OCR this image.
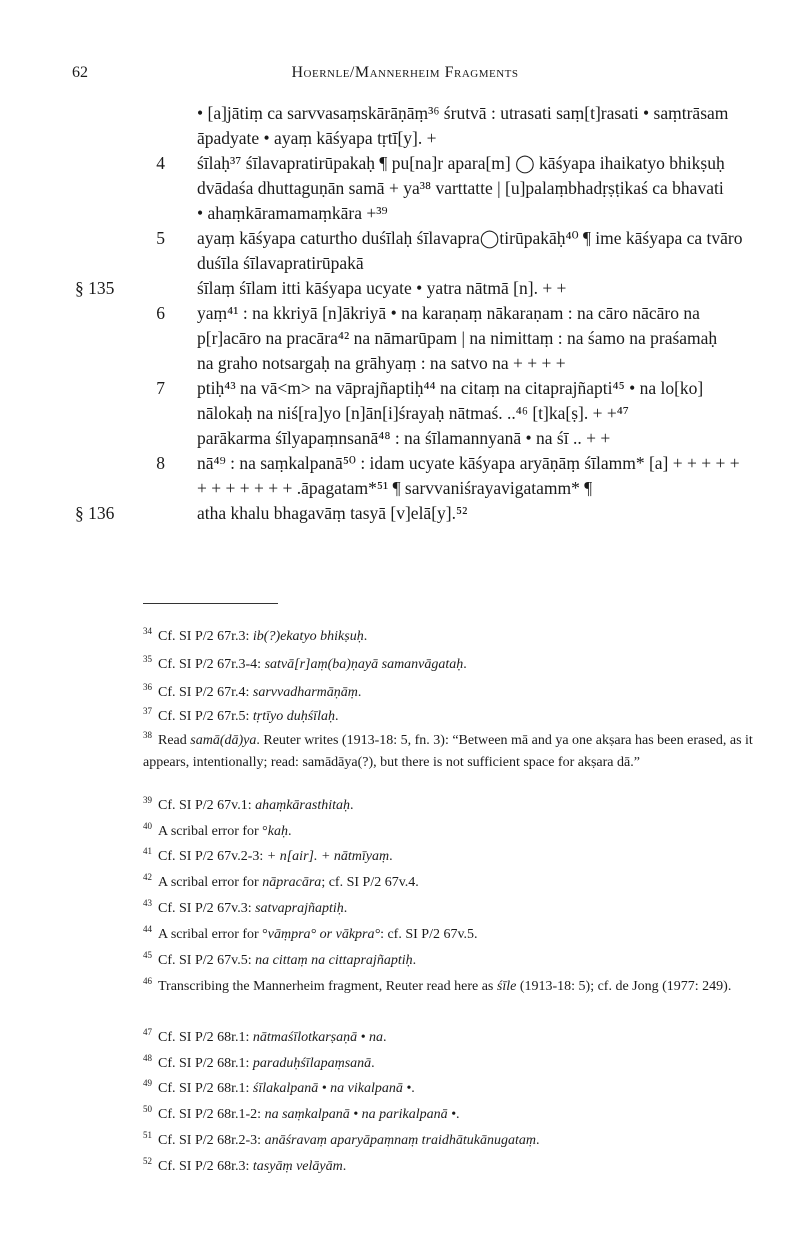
62	Hoernle/Mannerheim Fragments
• [a]jātiṃ ca sarvvasaṃskārāṇāṃ³⁶ śrutvā : utrasati saṃ[t]rasati • saṃtrāsam
āpadyate • ayaṃ kāśyapa tṛtī[y]. +
śīlaḥ³⁷ śīlavapratirūpakaḥ ¶ pu[na]r apara[m] ◯ kāśyapa ihaikatyo bhikṣuḥ
4
dvādaśa dhuttaguṇān samā + ya³⁸ varttatte | [u]palaṃbhadṛṣṭikaś ca bhavati
• ahaṃkāramamaṃkāra +³⁹
ayaṃ kāśyapa caturtho duśīlaḥ śīlavapra◯tirūpakāḥ⁴⁰ ¶ ime kāśyapa ca tvāro
5
duśīla śīlavapratirūpakā
śīlaṃ śīlam itti kāśyapa ucyate • yatra nātmā [n]. + +
yaṃ⁴¹ : na kkriyā [n]ākriyā • na karaṇaṃ nākaraṇam : na cāro nācāro na
6
p[r]acāro na pracāra⁴² na nāmarūpam | na nimittaṃ : na śamo na praśamaḥ
na graho notsargaḥ na grāhyaṃ : na satvo na + + + +
ptiḥ⁴³ na vā<m> na vāprajñaptiḥ⁴⁴ na citaṃ na citaprajñapti⁴⁵ • na lo[ko]
7
nālokaḥ na niś[ra]yo [n]ān[i]śrayaḥ nātmaś. ..⁴⁶ [t]ka[ṣ]. + +⁴⁷
parākarma śīlyapaṃnsanā⁴⁸ : na śīlamannyanā • na śī .. + +
nā⁴⁹ : na saṃkalpanā⁵⁰ : idam ucyate kāśyapa aryāṇāṃ śīlamm* [a] + + + + +
8
+ + + + + + + .āpagatam*⁵¹ ¶ sarvvaniśrayavigatamm* ¶
atha khalu bhagavāṃ tasyā [v]elā[y].⁵²
§ 135
§ 136
$^{34}$ Cf. SI P/2 67r.3: ib(?)ekatyo bhikṣuḥ.
$^{35}$ Cf. SI P/2 67r.3-4: satvā[r]aṃ(ba)ṇayā samanvāgataḥ.
$^{36}$ Cf. SI P/2 67r.4: sarvvadharmāṇāṃ.
$^{37}$ Cf. SI P/2 67r.5: tṛtīyo duḥśīlaḥ.
$^{38}$ Read samā(dā)ya. Reuter writes (1913-18: 5, fn. 3): “Between mā and ya one akṣara has been erased, as it appears, intentionally; read: samādāya(?), but there is not sufficient space for akṣara dā.”
$^{39}$ Cf. SI P/2 67v.1: ahaṃkārasthitaḥ.
$^{40}$ A scribal error for °kaḥ.
$^{41}$ Cf. SI P/2 67v.2-3: + n[air]. + nātmīyaṃ.
$^{42}$ A scribal error for nāpracāra; cf. SI P/2 67v.4.
$^{43}$ Cf. SI P/2 67v.3: satvaprajñaptiḥ.
$^{44}$ A scribal error for °vāṃpra° or vākpra°: cf. SI P/2 67v.5.
$^{45}$ Cf. SI P/2 67v.5: na cittaṃ na cittaprajñaptiḥ.
$^{46}$ Transcribing the Mannerheim fragment, Reuter read here as śīle (1913-18: 5); cf. de Jong (1977: 249).
$^{47}$ Cf. SI P/2 68r.1: nātmaśīlotkarṣaṇā • na.
$^{48}$ Cf. SI P/2 68r.1: paraduḥśīlapaṃsanā.
$^{49}$ Cf. SI P/2 68r.1: śīlakalpanā • na vikalpanā •.
$^{50}$ Cf. SI P/2 68r.1-2: na saṃkalpanā • na parikalpanā •.
$^{51}$ Cf. SI P/2 68r.2-3: anāśravaṃ aparyāpaṃnaṃ traidhātukānugataṃ.
$^{52}$ Cf. SI P/2 68r.3: tasyāṃ velāyām.
